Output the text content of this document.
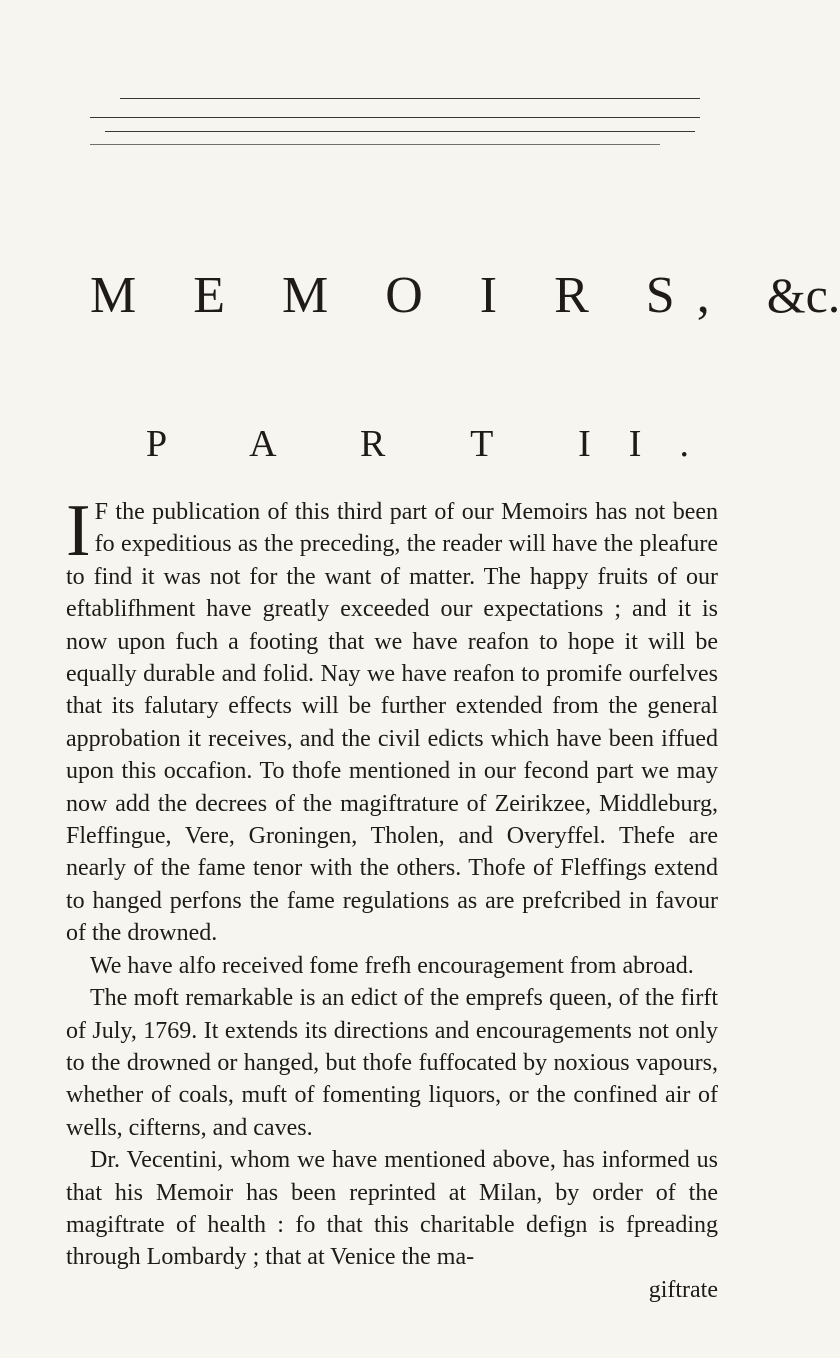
M E M O I R S, &c.
P A R T II.

I F the publication of this third part of our Memoirs has not been fo expeditious as the preceding, the reader will have the pleafure to find it was not for the want of matter. The happy fruits of our eftablifhment have greatly exceeded our expectations ; and it is now upon fuch a footing that we have reafon to hope it will be equally durable and folid. Nay we have reafon to promife ourfelves that its falutary effects will be further extended from the general approbation it receives, and the civil edicts which have been iffued upon this occafion. To thofe mentioned in our fecond part we may now add the decrees of the magiftrature of Zeirikzee, Middleburg, Fleffingue, Vere, Groningen, Tholen, and Overyffel. Thefe are nearly of the fame tenor with the others. Thofe of Fleffings extend to hanged perfons the fame regulations as are prefcribed in favour of the drowned.

We have alfo received fome frefh encouragement from abroad.

The moft remarkable is an edict of the emprefs queen, of the firft of July, 1769. It extends its directions and encouragements not only to the drowned or hanged, but thofe fuffocated by noxious vapours, whether of coals, muft of fomenting liquors, or the confined air of wells, cifterns, and caves.

Dr. Vecentini, whom we have mentioned above, has informed us that his Memoir has been reprinted at Milan, by order of the magiftrate of health : fo that this charitable defign is fpreading through Lombardy ; that at Venice the ma-

giftrate
